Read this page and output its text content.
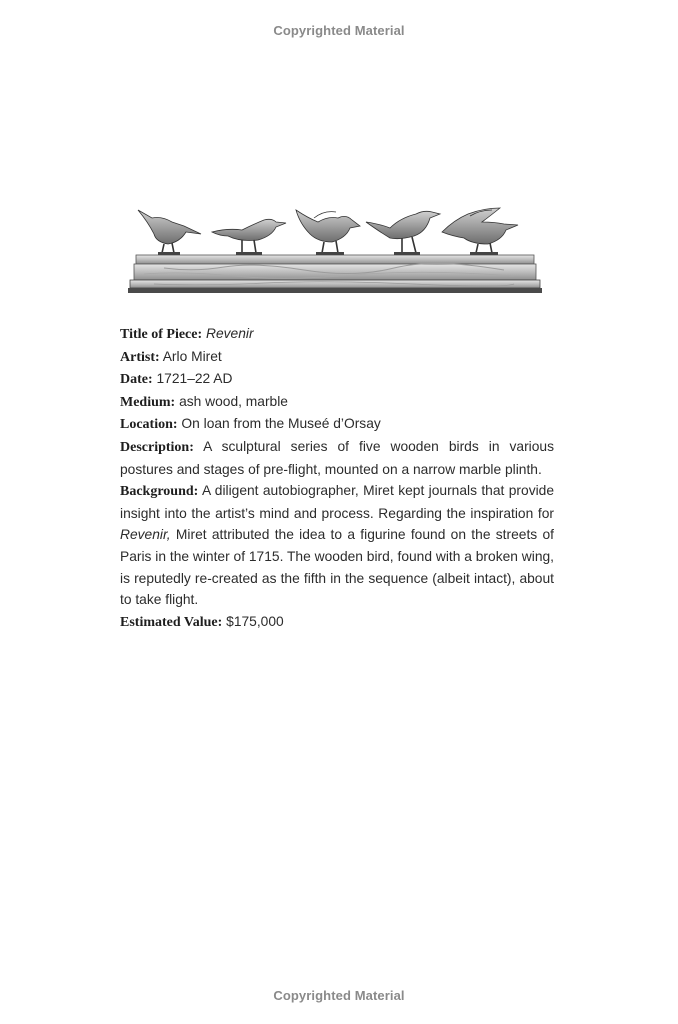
Copyrighted Material

Title of Piece: Revenir

Artist: Arlo Miret

Date: 1721–22 AD

Medium: ash wood, marble

Location: On loan from the Museé d’Orsay

Description: A sculptural series of five wooden birds in various postures and stages of pre-flight, mounted on a narrow marble plinth.

Background: A diligent autobiographer, Miret kept journals that provide insight into the artist’s mind and process. Regarding the inspiration for Revenir, Miret attributed the idea to a figurine found on the streets of Paris in the winter of 1715. The wooden bird, found with a broken wing, is reputedly re-created as the fifth in the sequence (albeit intact), about to take flight.

Estimated Value: $175,000

Copyrighted Material
